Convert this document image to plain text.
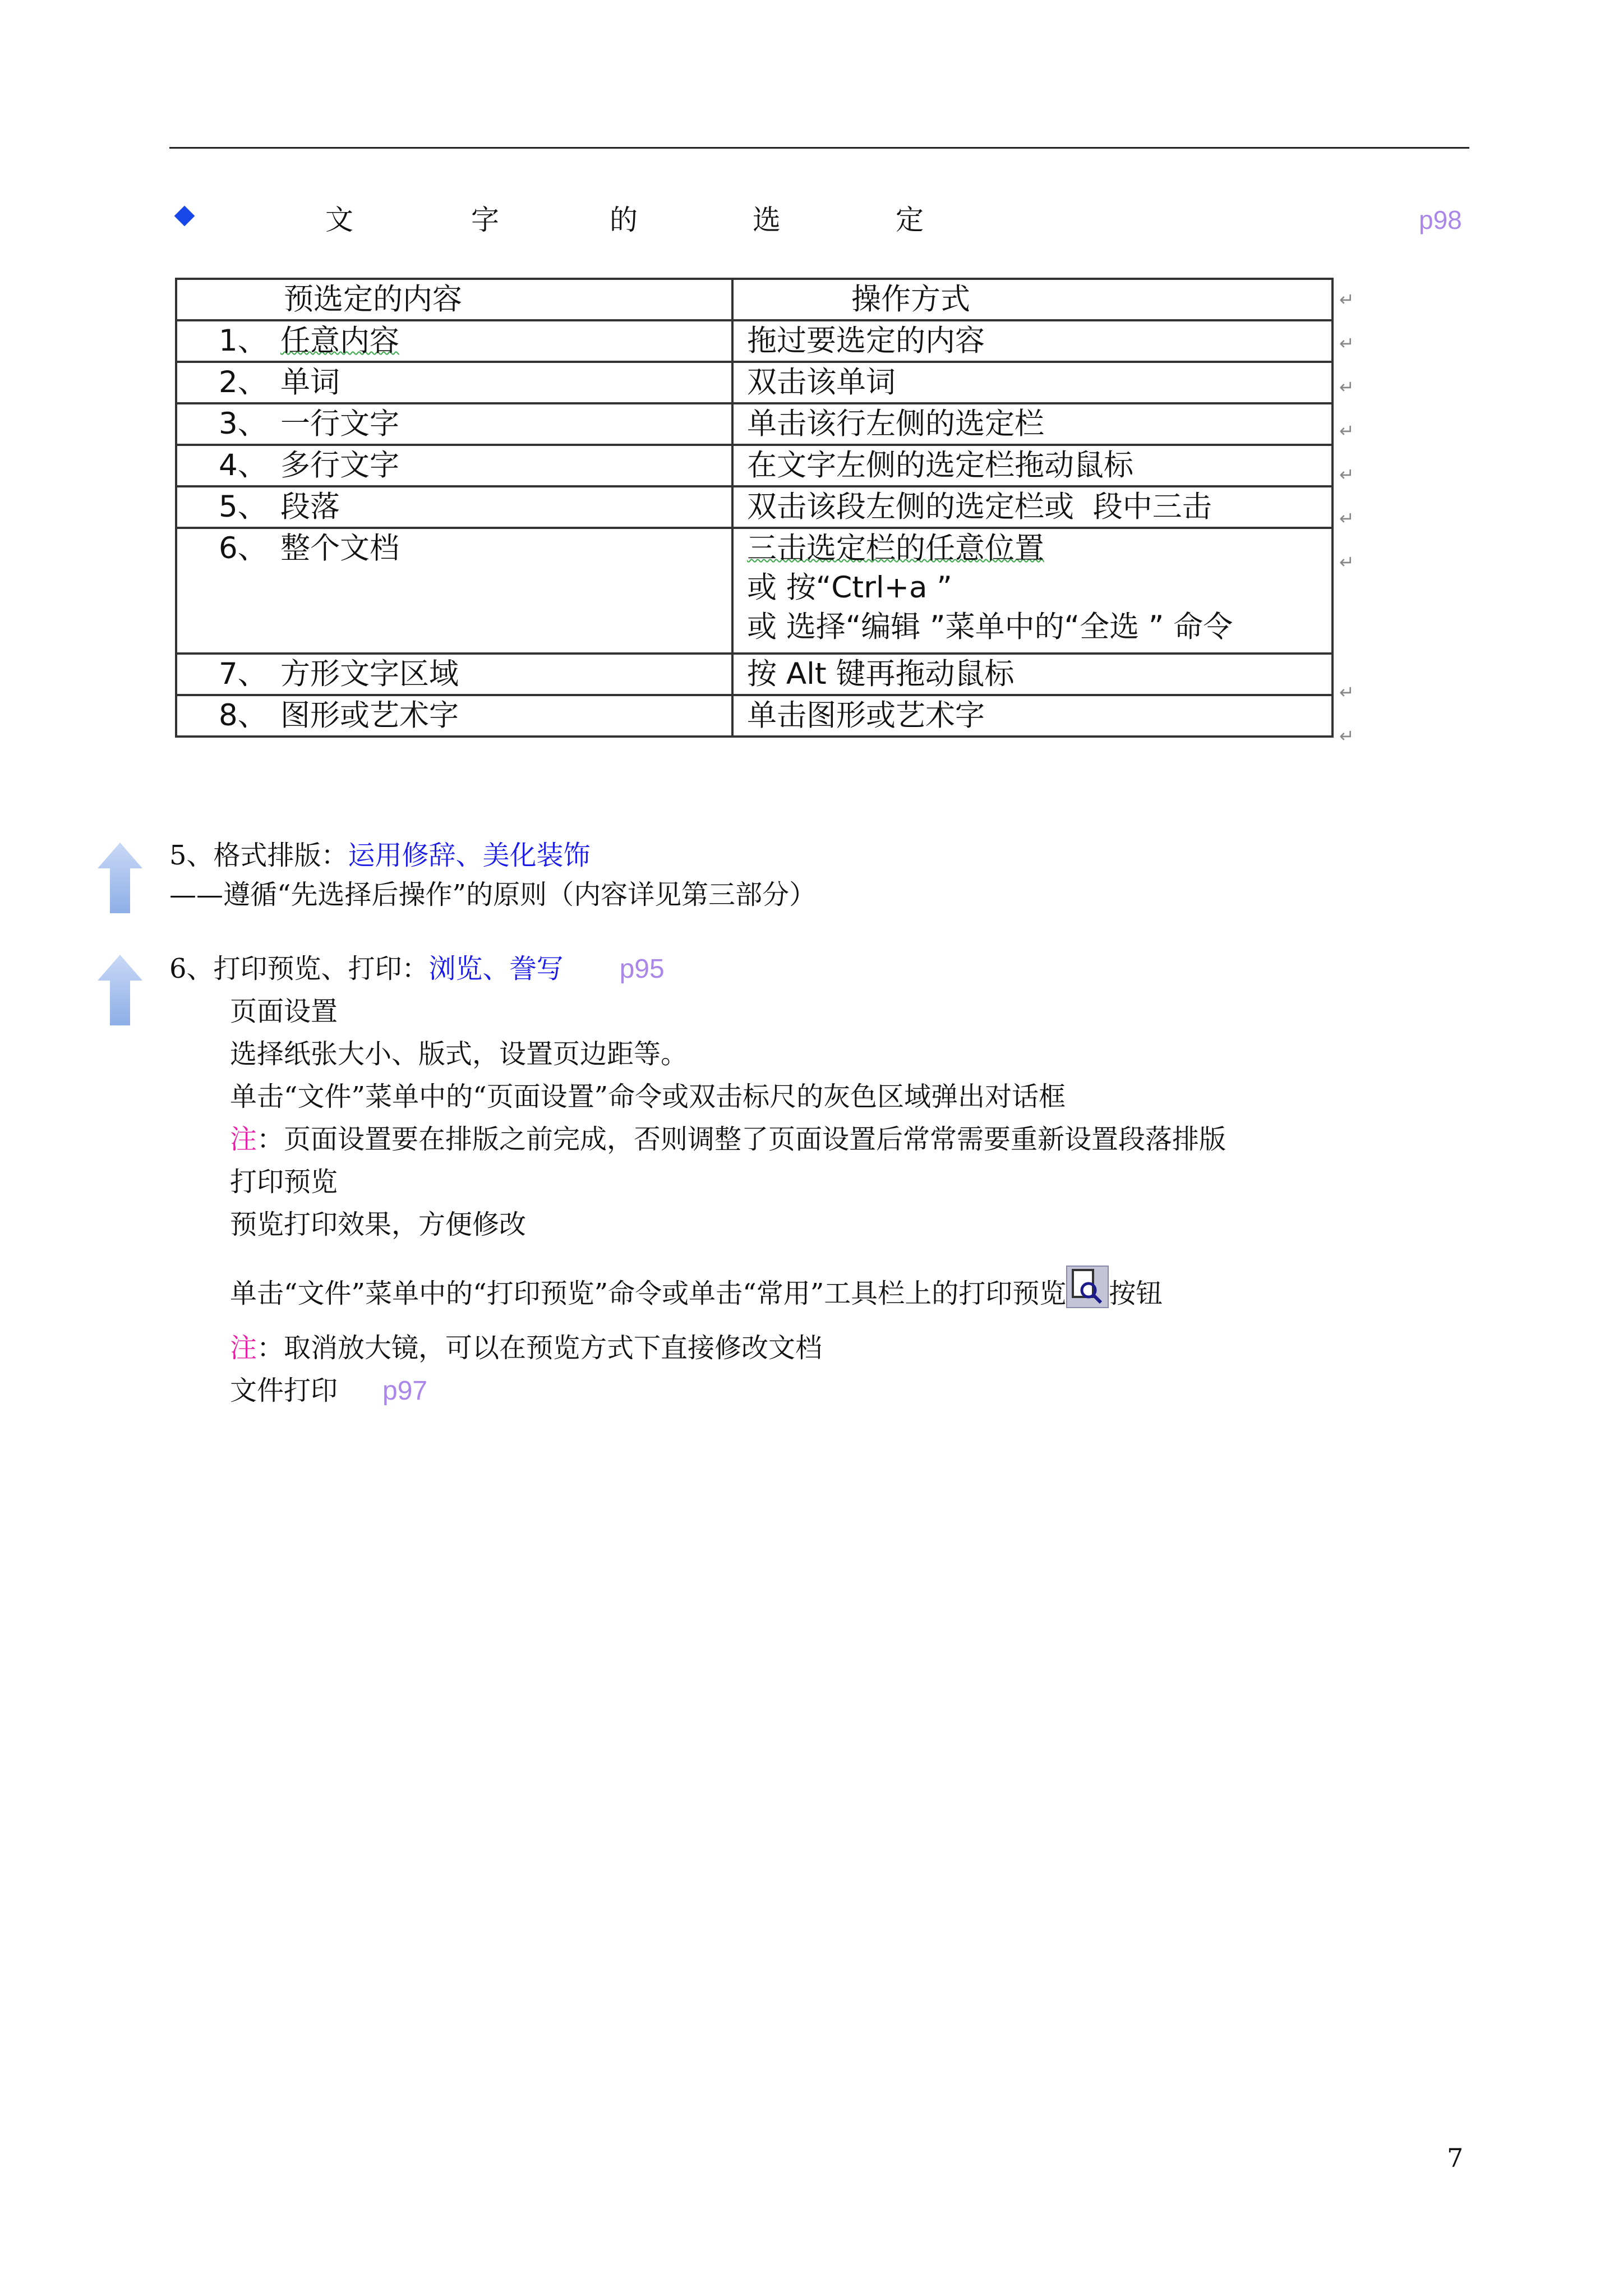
文	字	的	选	定	p98
预选定的内容	操作方式
1、 任意内容	拖过要选定的内容
2、 单词	双击该单词
3、 一行文字	单击该行左侧的选定栏
4、 多行文字	在文字左侧的选定栏拖动鼠标
5、 段落	双击该段左侧的选定栏或  段中三击
6、 整个文档	三击选定栏的任意位置

或 按“Ctrl+a ”
或 选择“编辑 ”菜单中的“全选 ” 命令

7、 方形文字区域	按 Alt 键再拖动鼠标
8、 图形或艺术字	单击图形或艺术字
↵
↵
↵
↵
↵
↵
↵
↵
↵
5、格式排版：运用修辞、美化装饰
——遵循“先选择后操作”的原则（内容详见第三部分）
6、打印预览、打印：浏览、誊写 p95
页面设置
选择纸张大小、版式，设置页边距等。
单击“文件”菜单中的“页面设置”命令或双击标尺的灰色区域弹出对话框
注：页面设置要在排版之前完成，否则调整了页面设置后常常需要重新设置段落排版
打印预览
预览打印效果，方便修改
单击“文件”菜单中的“打印预览”命令或单击“常用”工具栏上的打印预览 按钮
注：取消放大镜，可以在预览方式下直接修改文档
文件打印 p97
7
